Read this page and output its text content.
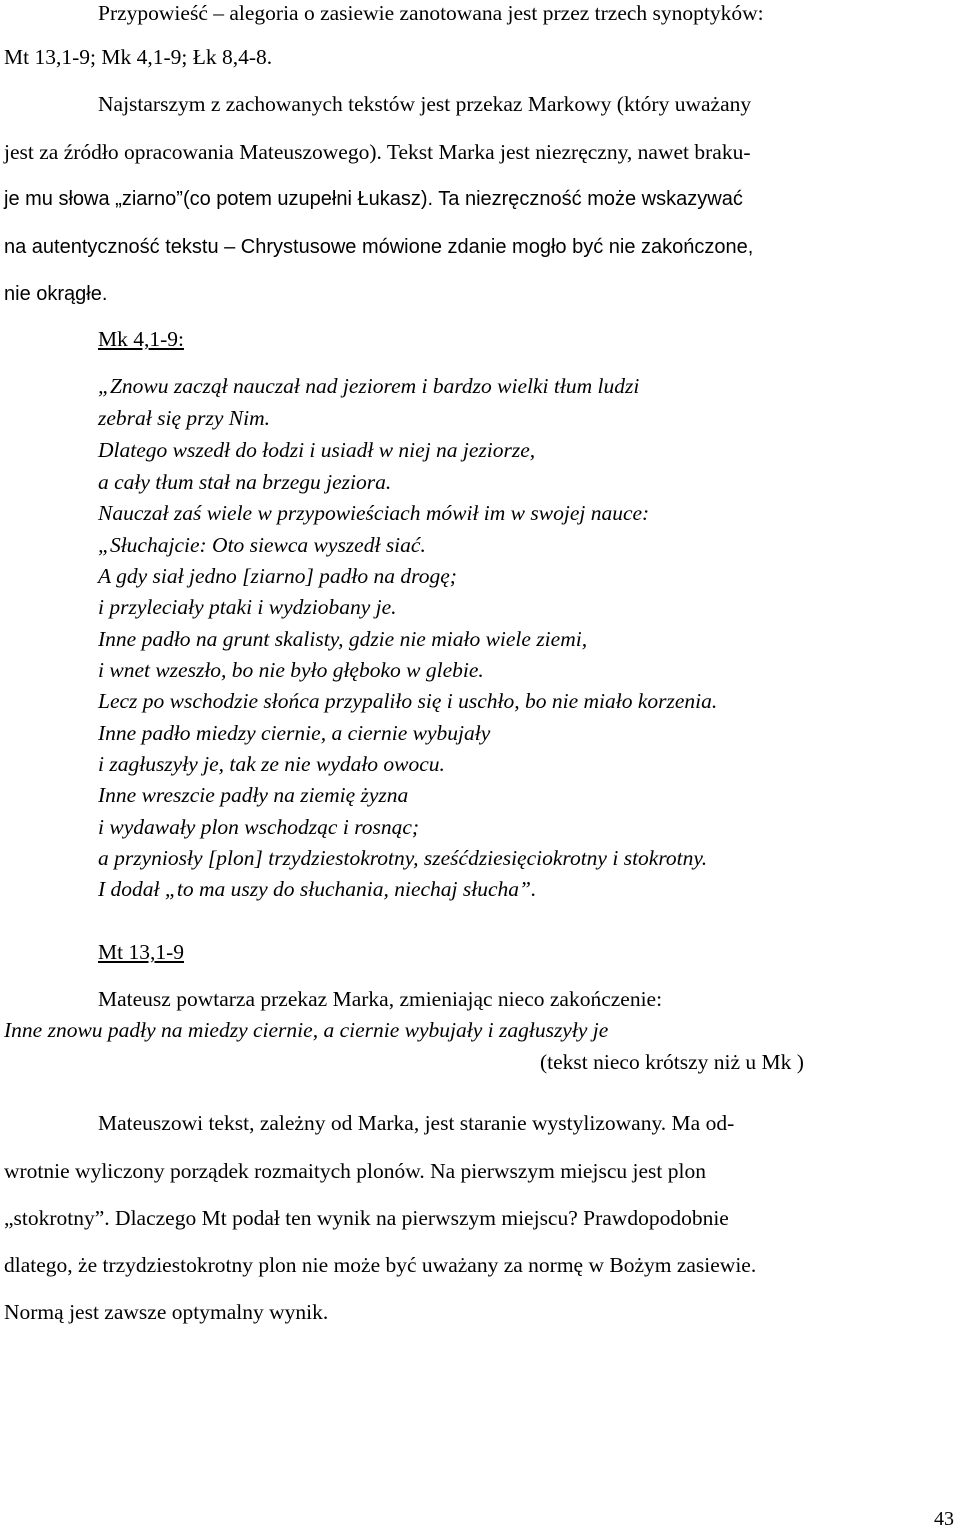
Przypowieść – alegoria o zasiewie zanotowana jest przez trzech synoptyków:
Mt 13,1-9; Mk 4,1-9; Łk 8,4-8.
Najstarszym z zachowanych tekstów jest przekaz Markowy (który uważany
jest za źródło opracowania Mateuszowego). Tekst Marka jest niezręczny, nawet braku-
je mu słowa „ziarno”(co potem uzupełni Łukasz). Ta niezręczność może wskazywać
na autentyczność tekstu – Chrystusowe mówione zdanie mogło być nie zakończone,
nie okrągłe.
Mk 4,1-9:
„Znowu zaczął nauczał nad jeziorem i bardzo wielki tłum ludzi
zebrał się przy Nim.
Dlatego wszedł do łodzi i usiadł w niej na jeziorze,
a cały tłum stał na brzegu jeziora.
Nauczał zaś wiele w przypowieściach mówił im w swojej nauce:
„Słuchajcie: Oto siewca wyszedł siać.
A gdy siał jedno [ziarno] padło na drogę;
i przyleciały ptaki i wydziobany je.
Inne padło na grunt skalisty, gdzie nie miało wiele ziemi,
i wnet wzeszło, bo nie było głęboko w glebie.
Lecz po wschodzie słońca przypaliło się i uschło, bo nie miało korzenia.
Inne padło miedzy ciernie, a ciernie wybujały
i zagłuszyły je, tak ze nie wydało owocu.
Inne wreszcie padły na ziemię żyzna
i wydawały plon wschodząc i rosnąc;
a przyniosły [plon] trzydziestokrotny, sześćdziesięciokrotny i stokrotny.
I dodał „to ma uszy do słuchania, niechaj słucha”.
Mt 13,1-9
Mateusz powtarza przekaz Marka, zmieniając nieco zakończenie:
Inne znowu padły na miedzy ciernie, a ciernie wybujały i zagłuszyły je
(tekst nieco krótszy niż u Mk )
Mateuszowi tekst, zależny od Marka, jest staranie wystylizowany. Ma od-
wrotnie wyliczony porządek rozmaitych plonów. Na pierwszym miejscu jest plon
„stokrotny”. Dlaczego Mt podał ten wynik na pierwszym miejscu? Prawdopodobnie
dlatego, że trzydziestokrotny plon nie może być uważany za normę w Bożym zasiewie.
Normą jest zawsze optymalny wynik.
43
